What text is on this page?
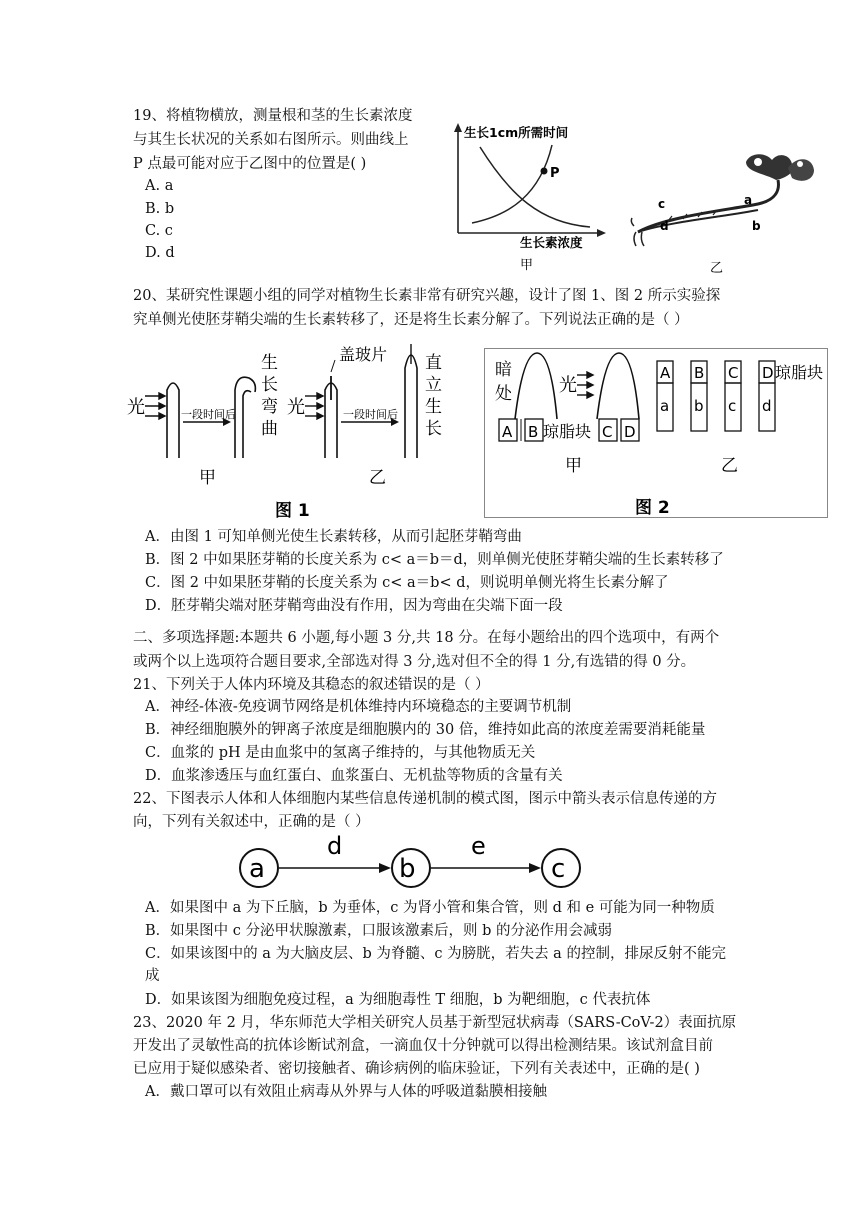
19、将植物横放，测量根和茎的生长素浓度
与其生长状况的关系如右图所示。则曲线上
P 点最可能对应于乙图中的位置是( )
A. a
B. b
C. c
D. d
P
生长1cm所需时间
生长素浓度
甲
a
b
c
d
乙
20、某研究性课题小组的同学对植物生长素非常有研究兴趣，设计了图 1、图 2 所示实验探
究单侧光使胚芽鞘尖端的生长素转移了，还是将生长素分解了。下列说法正确的是（ ）
光	一段时间后
生
长
弯
曲
甲
光
盖玻片
一段时间后
直
立
生
长
乙
图 1
暗
处
A B 琼脂块
光
C D
甲
A B C D
a b c d
琼脂块
乙
图 2
A．由图 1 可知单侧光使生长素转移，从而引起胚芽鞘弯曲
B．图 2 中如果胚芽鞘的长度关系为 c< a＝b＝d，则单侧光使胚芽鞘尖端的生长素转移了
C．图 2 中如果胚芽鞘的长度关系为 c< a＝b< d，则说明单侧光将生长素分解了
D．胚芽鞘尖端对胚芽鞘弯曲没有作用，因为弯曲在尖端下面一段
二、多项选择题:本题共 6 小题,每小题 3 分,共 18 分。在每小题给出的四个选项中，有两个
或两个以上选项符合题目要求,全部选对得 3 分,选对但不全的得 1 分,有选错的得 0 分。
21、下列关于人体内环境及其稳态的叙述错误的是（ ）
A．神经-体液-免疫调节网络是机体维持内环境稳态的主要调节机制
B．神经细胞膜外的钾离子浓度是细胞膜内的 30 倍，维持如此高的浓度差需要消耗能量
C．血浆的 pH 是由血浆中的氢离子维持的，与其他物质无关
D．血浆渗透压与血红蛋白、血浆蛋白、无机盐等物质的含量有关
22、下图表示人体和人体细胞内某些信息传递机制的模式图，图示中箭头表示信息传递的方
向，下列有关叙述中，正确的是（ ）
a	b	c
d	e
A．如果图中 a 为下丘脑，b 为垂体，c 为肾小管和集合管，则 d 和 e 可能为同一种物质
B．如果图中 c 分泌甲状腺激素，口服该激素后，则 b 的分泌作用会减弱
C．如果该图中的 a 为大脑皮层、b 为脊髓、c 为膀胱，若失去 a 的控制，排尿反射不能完
成
D．如果该图为细胞免疫过程，a 为细胞毒性 T 细胞，b 为靶细胞，c 代表抗体
23、2020 年 2 月，华东师范大学相关研究人员基于新型冠状病毒（SARS-CoV-2）表面抗原
开发出了灵敏性高的抗体诊断试剂盒，一滴血仅十分钟就可以得出检测结果。该试剂盒目前
已应用于疑似感染者、密切接触者、确诊病例的临床验证，下列有关表述中，正确的是( )
A．戴口罩可以有效阻止病毒从外界与人体的呼吸道黏膜相接触
